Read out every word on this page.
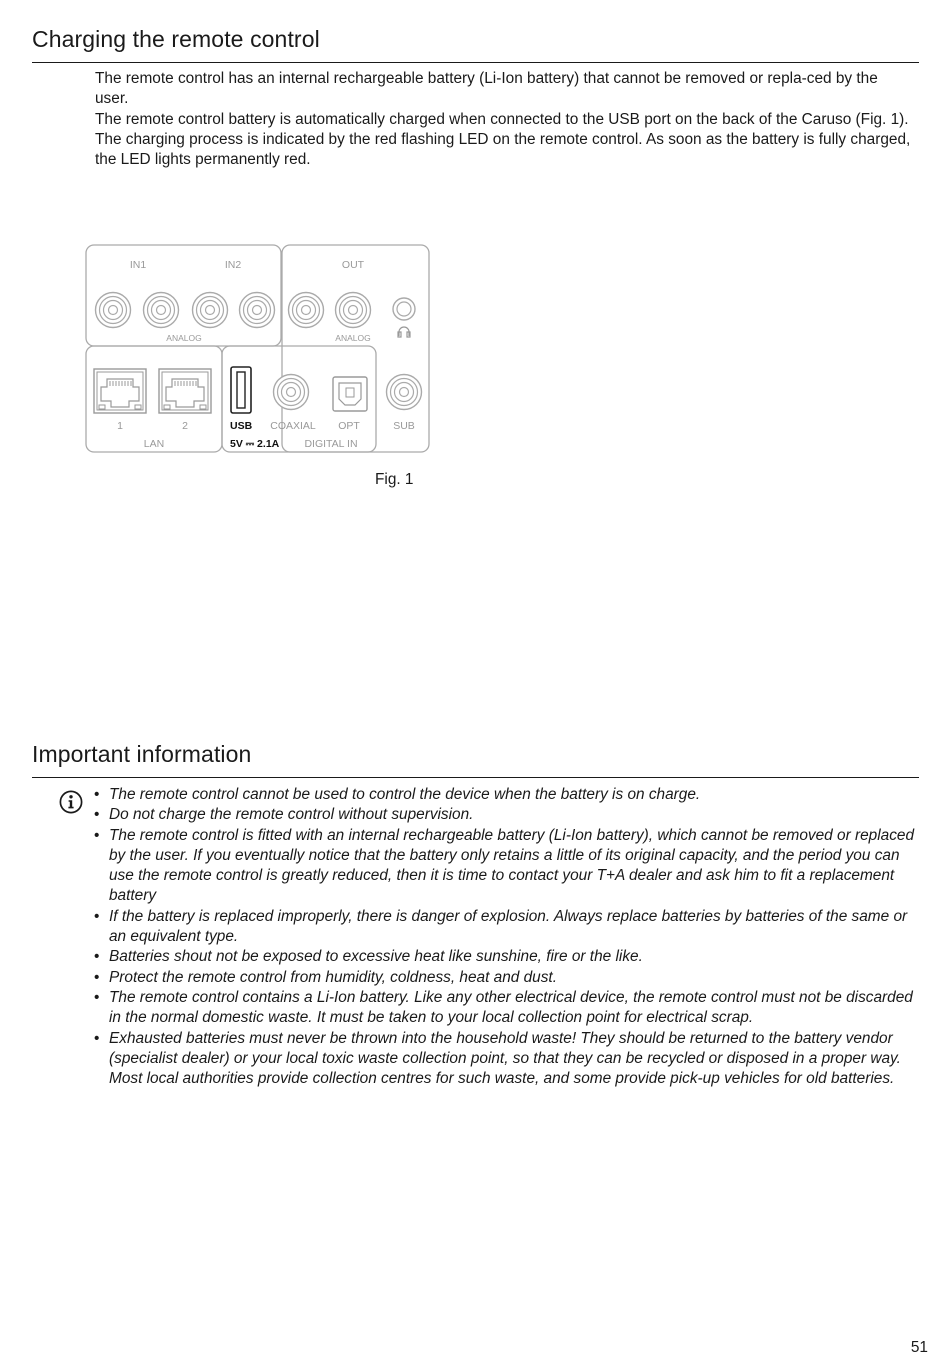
Charging the remote control

The remote control has an internal rechargeable battery (Li-Ion battery) that cannot be removed or repla-ced by the user.

The remote control battery is automatically charged when connected to the USB port on the back of the Caruso (Fig. 1).

The charging process is indicated by the red flashing LED on the remote control. As soon as the battery is fully charged, the LED lights permanently red.

IN1	IN2	OUT
ANALOG	ANALOG
1	2
LAN
USB
5V ⎓ 2.1A
COAXIAL OPT
DIGITAL IN
SUB

Fig. 1

Important information
• The remote control cannot be used to control the device when the battery is on charge.
• Do not charge the remote control without supervision.
• The remote control is fitted with an internal rechargeable battery (Li-Ion battery), which cannot be removed or replaced by the user. If you eventually notice that the battery only retains a little of its original capacity, and the period you can use the remote control is greatly reduced, then it is time to contact your T+A dealer and ask him to fit a replacement battery
• If the battery is replaced improperly, there is danger of explosion. Always replace batteries by batteries of the same or an equivalent type.
• Batteries shout not be exposed to excessive heat like sunshine, fire or the like.
• Protect the remote control from humidity, coldness, heat and dust.
• The remote control contains a Li-Ion battery. Like any other electrical device, the remote control must not be discarded in the normal domestic waste. It must be taken to your local collection point for electrical scrap.
• Exhausted batteries must never be thrown into the household waste! They should be returned to the battery vendor (specialist dealer) or your local toxic waste collection point, so that they can be recycled or disposed in a proper way. Most local authorities provide collection centres for such waste, and some provide pick-up vehicles for old batteries.

51
